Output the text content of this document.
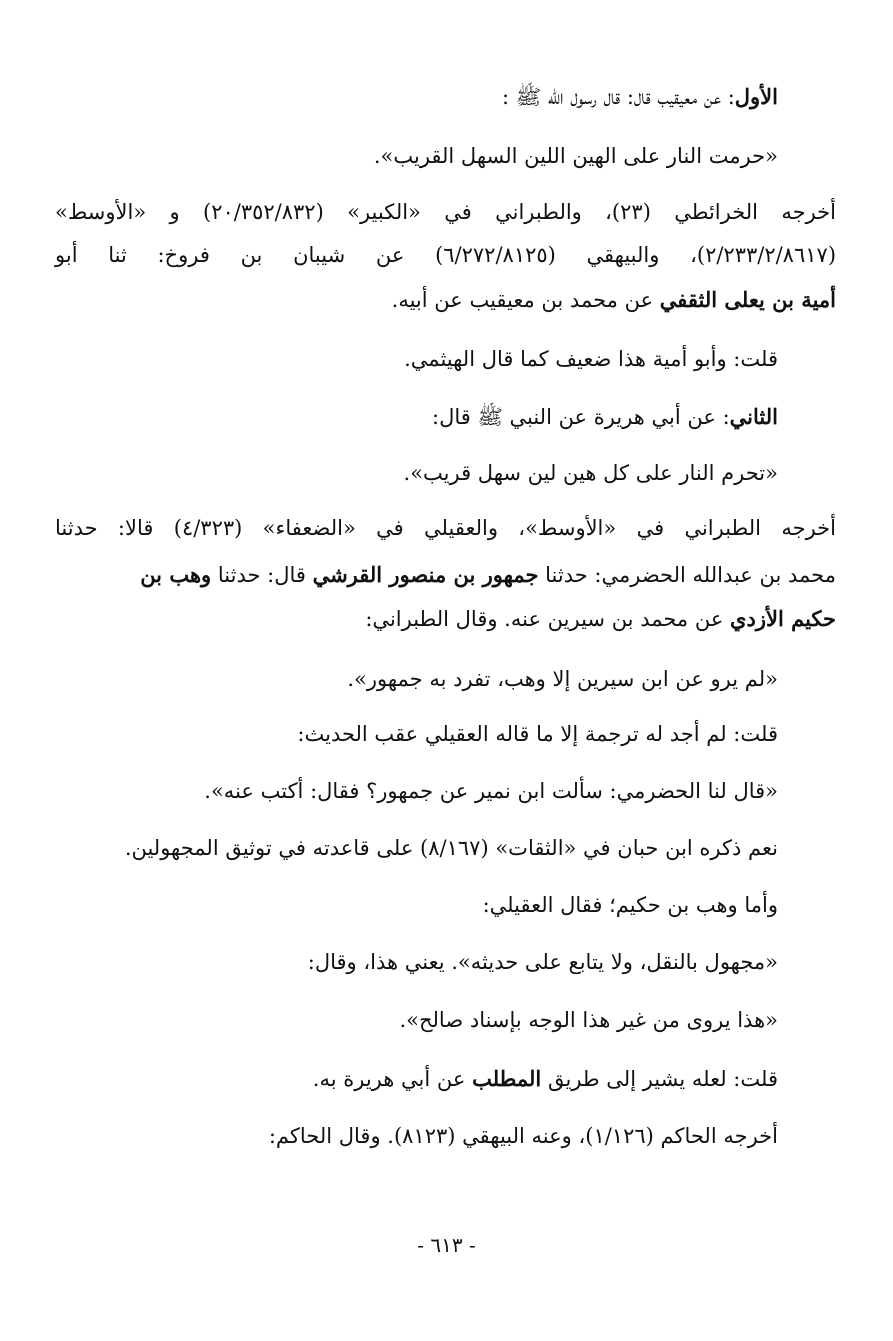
الأول: عن معيقيب قال: قال رسول الله ﷺ :
«حرمت النار على الهين اللين السهل القريب».
أخرجه الخرائطي (٢٣)، والطبراني في «الكبير» (٢٠/٣٥٢/٨٣٢) و «الأوسط»
(٢/٢٣٣/٢/٨٦١٧)، والبيهقي (٦/٢٧٢/٨١٢٥) عن شيبان بن فروخ: ثنا أبو
أمية بن يعلى الثقفي عن محمد بن معيقيب عن أبيه.
قلت: وأبو أمية هذا ضعيف كما قال الهيثمي.
الثاني: عن أبي هريرة عن النبي ﷺ قال:
«تحرم النار على كل هين لين سهل قريب».
أخرجه الطبراني في «الأوسط»، والعقيلي في «الضعفاء» (٤/٣٢٣) قالا: حدثنا
محمد بن عبدالله الحضرمي: حدثنا جمهور بن منصور القرشي قال: حدثنا وهب بن
حكيم الأزدي عن محمد بن سيرين عنه. وقال الطبراني:
«لم يرو عن ابن سيرين إلا وهب، تفرد به جمهور».
قلت: لم أجد له ترجمة إلا ما قاله العقيلي عقب الحديث:
«قال لنا الحضرمي: سألت ابن نمير عن جمهور؟ فقال: أكتب عنه».
نعم ذكره ابن حبان في «الثقات» (٨/١٦٧) على قاعدته في توثيق المجهولين.
وأما وهب بن حكيم؛ فقال العقيلي:
«مجهول بالنقل، ولا يتابع على حديثه». يعني هذا، وقال:
«هذا يروى من غير هذا الوجه بإسناد صالح».
قلت: لعله يشير إلى طريق المطلب عن أبي هريرة به.
أخرجه الحاكم (١/١٢٦)، وعنه البيهقي (٨١٢٣). وقال الحاكم:
- ٦١٣ -
